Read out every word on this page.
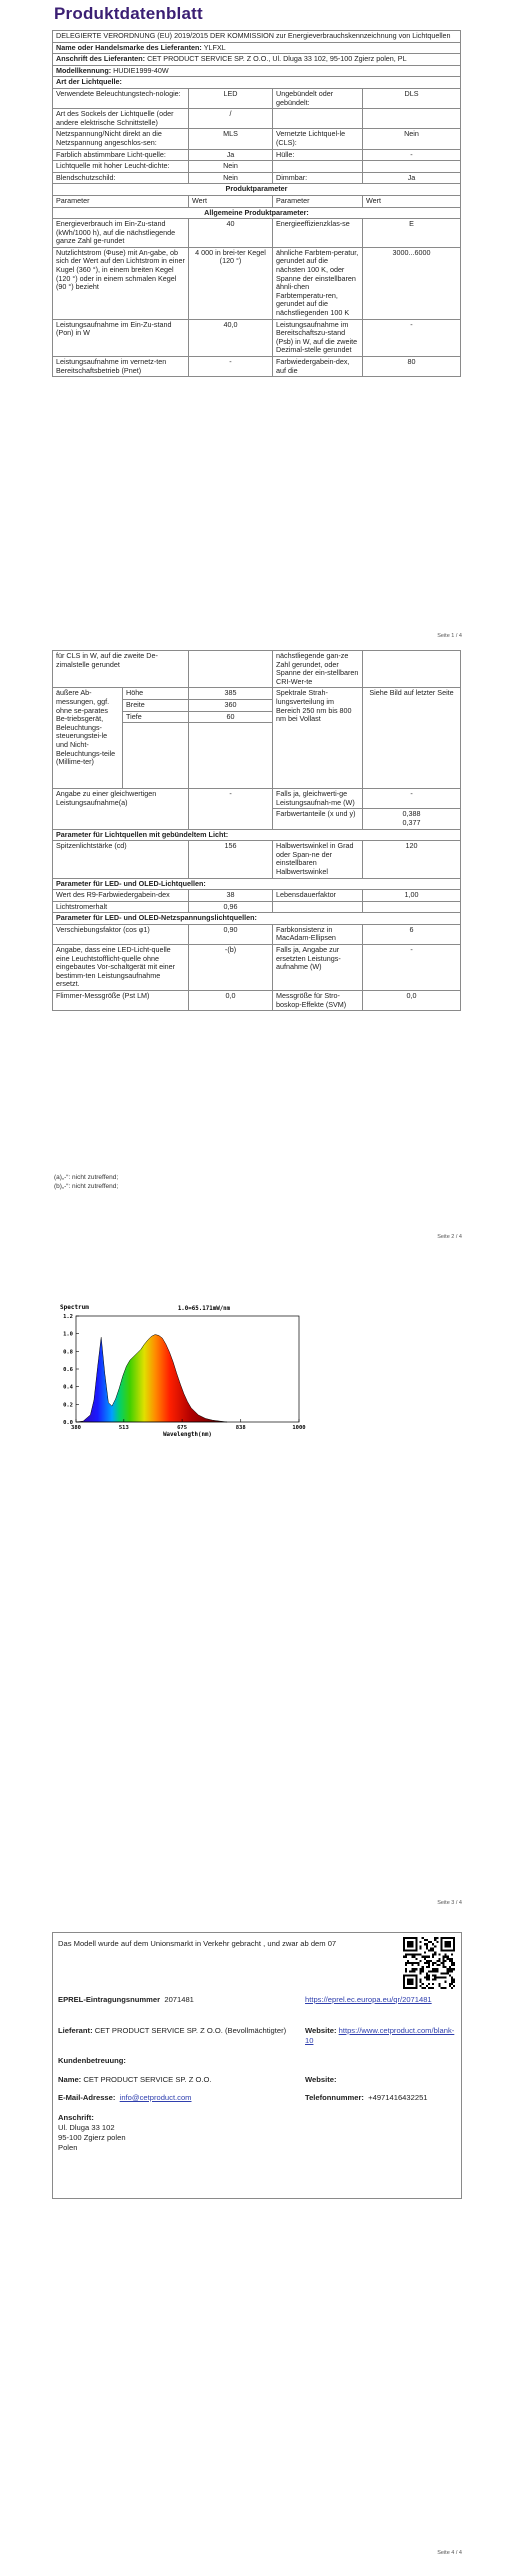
Produktdatenblatt
DELEGIERTE VERORDNUNG (EU) 2019/2015 DER KOMMISSION zur Energieverbrauchskennzeichnung von Lichtquellen			
Name oder Handelsmarke des Lieferanten: YLFXL			
Anschrift des Lieferanten: CET PRODUCT SERVICE SP. Z O.O., Ul. Dluga 33 102, 95-100 Zgierz polen, PL			
Modellkennung: HUDIE1999-40W			
Art der Lichtquelle:			
Verwendete Beleuchtungstech-nologie:	LED	Ungebündelt oder gebündelt:	DLS
Art des Sockels der Lichtquelle (oder andere elektrische Schnittstelle)	/		
Netzspannung/Nicht direkt an die Netzspannung angeschlos-sen:	MLS	Vernetzte Lichtquel-le (CLS):	Nein
Farblich abstimmbare Licht-quelle:	Ja	Hülle:	-
Lichtquelle mit hoher Leucht-dichte:	Nein		
Blendschutzschild:	Nein	Dimmbar:	Ja
Produktparameter			
Parameter	Wert	Parameter	Wert
Allgemeine Produktparameter:			
Energieverbrauch im Ein-Zu-stand (kWh/1000 h), auf die nächstliegende ganze Zahl ge-rundet	40	Energieeffizienzklas-se	E
Nutzlichtstrom (Φuse) mit An-gabe, ob sich der Wert auf den Lichtstrom in einer Kugel (360 °), in einem breiten Kegel (120 °) oder in einem schmalen Kegel (90 °) bezieht	4 000 in brei-ter Kegel (120 °)	ähnliche Farbtem-peratur, gerundet auf die nächsten 100 K, oder Spanne der einstellbaren ähnli-chen Farbtemperatu-ren, gerundet auf die nächstliegenden 100 K	3000...6000
Leistungsaufnahme im Ein-Zu-stand (Pon) in W	40,0	Leistungsaufnahme im Bereitschaftszu-stand (Psb) in W, auf die zweite Dezimal-stelle gerundet	-
Leistungsaufnahme im vernetz-ten Bereitschaftsbetrieb (Pnet)	-	Farbwiedergabein-dex, auf die	80
Seite 1 / 4
für CLS in W, auf die zweite De-zimalstelle gerundet			nächstliegende gan-ze Zahl gerundet, oder Spanne der ein-stellbaren CRI-Wer-te	
äußere Ab-messungen, ggf. ohne se-parates Be-triebsgerät, Beleuchtungs-steuerungstei-le und Nicht-Beleuchtungs-teile (Millime-ter)	Höhe	385	Spektrale Strah-lungsverteilung im Bereich 250 nm bis 800 nm bei Vollast	Siehe Bild auf letzter Seite
	Breite	360		
	Tiefe	60		

Angabe zu einer gleichwertigen Leistungsaufnahme(a)		-	Falls ja, gleichwerti-ge Leistungsaufnah-me (W)	-
			Farbwertanteile (x und y)	0,388
0,377
Parameter für Lichtquellen mit gebündeltem Licht:				
Spitzenlichtstärke (cd)		156	Halbwertswinkel in Grad oder Span-ne der einstellbaren Halbwertswinkel	120
Parameter für LED- und OLED-Lichtquellen:				
Wert des R9-Farbwiedergabein-dex		38	Lebensdauerfaktor	1,00
Lichtstromerhalt		0,96		
Parameter für LED- und OLED-Netzspannungslichtquellen:				
Verschiebungsfaktor (cos φ1)		0,90	Farbkonsistenz in MacAdam-Ellipsen	6
Angabe, dass eine LED-Licht-quelle eine Leuchtstofflicht-quelle ohne eingebautes Vor-schaltgerät mit einer bestimm-ten Leistungsaufnahme ersetzt.		-(b)	Falls ja, Angabe zur ersetzten Leistungs-aufnahme (W)	-
Flimmer-Messgröße (Pst LM)		0,0	Messgröße für Stro-boskop-Effekte (SVM)	0,0
(a)„-“: nicht zutreffend;
(b)„-“: nicht zutreffend;
Seite 2 / 4
0.0
0.2
0.4
0.6
0.8
1.0
1.2
380	513	675	838	1000
Spectrum	1.0=65.171mW/nm
Wavelength(nm)
Seite 3 / 4
Das Modell wurde auf dem Unionsmarkt in Verkehr gebracht , und zwar ab dem 07
EPREL-Eintragungsnummer 2071481	https://eprel.ec.europa.eu/qr/2071481
Lieferant: CET PRODUCT SERVICE SP. Z O.O. (Bevollmächtigter)	Website: https://www.cetproduct.com/blank-10
Kundenbetreuung:
Name: CET PRODUCT SERVICE SP. Z O.O.	Website:
E-Mail-Adresse: info@cetproduct.com	Telefonnummer: +4971416432251
Anschrift:
Ul. Dluga 33 102
95-100 Zgierz polen
Polen
Seite 4 / 4
